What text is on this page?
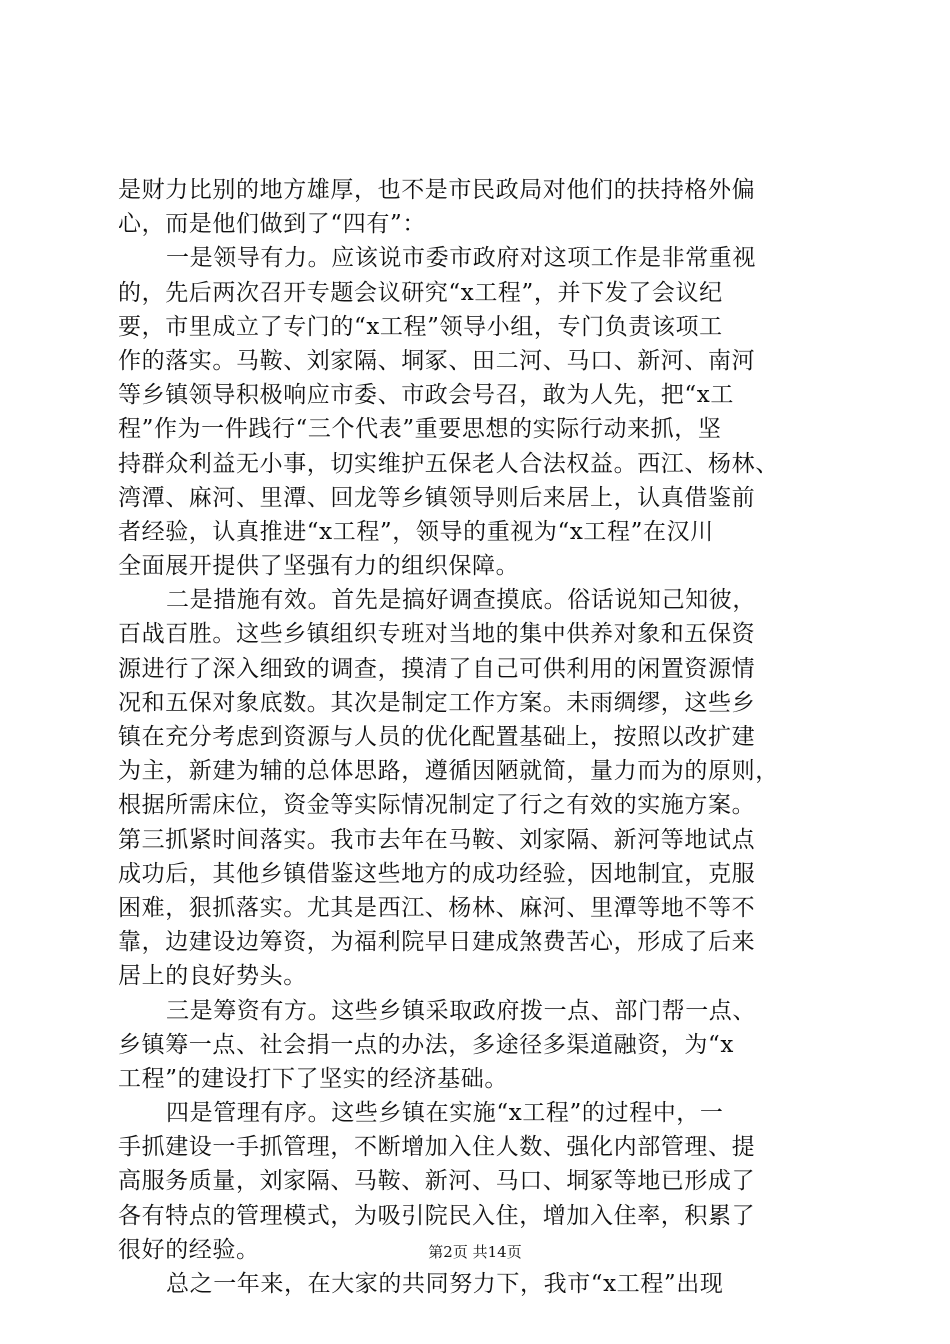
是财力比别的地方雄厚，也不是市民政局对他们的扶持格外偏
心，而是他们做到了“四有”：
一是领导有力。应该说市委市政府对这项工作是非常重视
的，先后两次召开专题会议研究“x工程”，并下发了会议纪
要，市里成立了专门的“x工程”领导小组，专门负责该项工
作的落实。马鞍、刘家隔、垌冢、田二河、马口、新河、南河
等乡镇领导积极响应市委、市政会号召，敢为人先，把“x工
程”作为一件践行“三个代表”重要思想的实际行动来抓，坚
持群众利益无小事，切实维护五保老人合法权益。西江、杨林、
湾潭、麻河、里潭、回龙等乡镇领导则后来居上，认真借鉴前
者经验，认真推进“x工程”，领导的重视为“x工程”在汉川
全面展开提供了坚强有力的组织保障。
二是措施有效。首先是搞好调查摸底。俗话说知己知彼，
百战百胜。这些乡镇组织专班对当地的集中供养对象和五保资
源进行了深入细致的调查，摸清了自己可供利用的闲置资源情
况和五保对象底数。其次是制定工作方案。未雨绸缪，这些乡
镇在充分考虑到资源与人员的优化配置基础上，按照以改扩建
为主，新建为辅的总体思路，遵循因陋就简，量力而为的原则，
根据所需床位，资金等实际情况制定了行之有效的实施方案。
第三抓紧时间落实。我市去年在马鞍、刘家隔、新河等地试点
成功后，其他乡镇借鉴这些地方的成功经验，因地制宜，克服
困难，狠抓落实。尤其是西江、杨林、麻河、里潭等地不等不
靠，边建设边筹资，为福利院早日建成煞费苦心，形成了后来
居上的良好势头。
三是筹资有方。这些乡镇采取政府拨一点、部门帮一点、
乡镇筹一点、社会捐一点的办法，多途径多渠道融资，为“x
工程”的建设打下了坚实的经济基础。
四是管理有序。这些乡镇在实施“x工程”的过程中，一
手抓建设一手抓管理，不断增加入住人数、强化内部管理、提
高服务质量，刘家隔、马鞍、新河、马口、垌冢等地已形成了
各有特点的管理模式，为吸引院民入住，增加入住率，积累了
很好的经验。
总之一年来，在大家的共同努力下，我市“x工程”出现
第2页 共14页
